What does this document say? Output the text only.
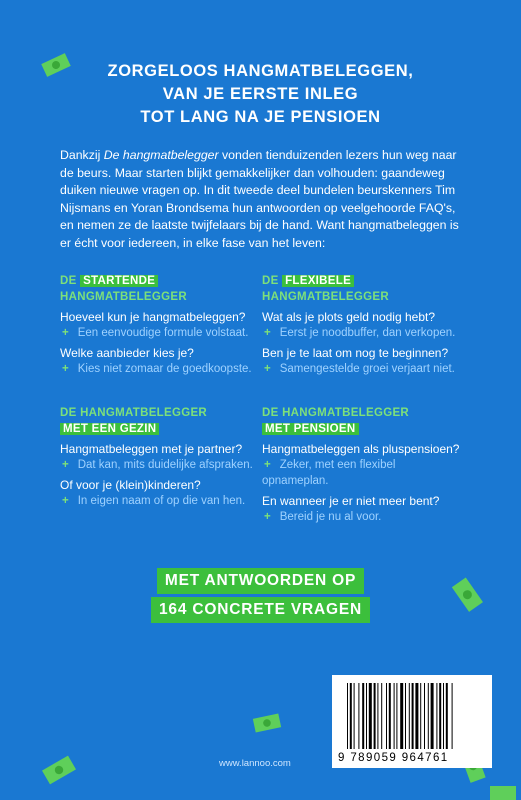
ZORGELOOS HANGMATBELEGGEN,
VAN JE EERSTE INLEG
TOT LANG NA JE PENSIOEN
Dankzij De hangmatbelegger vonden tienduizenden lezers hun weg naar de beurs. Maar starten blijkt gemakkelijker dan volhouden: gaandeweg duiken nieuwe vragen op. In dit tweede deel bundelen beurskenners Tim Nijsmans en Yoran Brondsema hun antwoorden op veelgehoorde FAQ's, en nemen ze de laatste twijfelaars bij de hand. Want hangmatbeleggen is er écht voor iedereen, in elke fase van het leven:
DE STARTENDE
HANGMATBELEGGER
Hoeveel kun je hangmatbeleggen?
+ Een eenvoudige formule volstaat.
Welke aanbieder kies je?
+ Kies niet zomaar de goedkoopste.
DE FLEXIBELE
HANGMATBELEGGER
Wat als je plots geld nodig hebt?
+ Eerst je noodbuffer, dan verkopen.
Ben je te laat om nog te beginnen?
+ Samengestelde groei verjaart niet.
DE HANGMATBELEGGER
MET EEN GEZIN
Hangmatbeleggen met je partner?
+ Dat kan, mits duidelijke afspraken.
Of voor je (klein)kinderen?
+ In eigen naam of op die van hen.
DE HANGMATBELEGGER
MET PENSIOEN
Hangmatbeleggen als pluspensioen?
+ Zeker, met een flexibel opnameplan.
En wanneer je er niet meer bent?
+ Bereid je nu al voor.
MET ANTWOORDEN OP
164 CONCRETE VRAGEN
9 789059 964761
www.lannoo.com
